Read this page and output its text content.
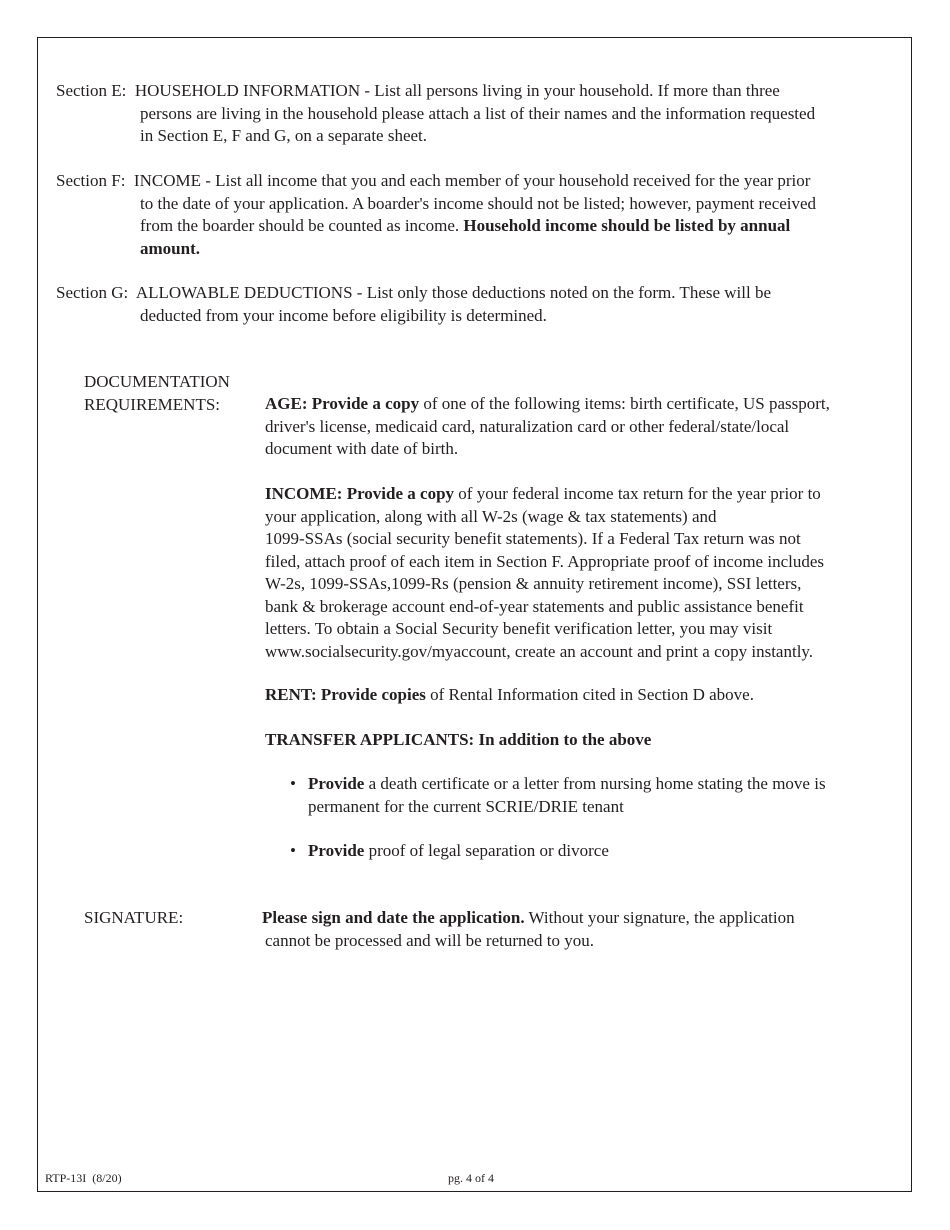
Section E: HOUSEHOLD INFORMATION - List all persons living in your household. If more than three
persons are living in the household please attach a list of their names and the information requested
in Section E, F and G, on a separate sheet.
Section F: INCOME - List all income that you and each member of your household received for the year prior
to the date of your application. A boarder's income should not be listed; however, payment received
from the boarder should be counted as income. Household income should be listed by annual
amount.
Section G: ALLOWABLE DEDUCTIONS - List only those deductions noted on the form. These will be
deducted from your income before eligibility is determined.
DOCUMENTATION
REQUIREMENTS:	AGE: Provide a copy of one of the following items: birth certificate, US passport,
driver's license, medicaid card, naturalization card or other federal/state/local
document with date of birth.
INCOME: Provide a copy of your federal income tax return for the year prior to
your application, along with all W-2s (wage & tax statements) and
1099-SSAs (social security benefit statements). If a Federal Tax return was not
filed, attach proof of each item in Section F. Appropriate proof of income includes
W-2s, 1099-SSAs,1099-Rs (pension & annuity retirement income), SSI letters,
bank & brokerage account end-of-year statements and public assistance benefit
letters. To obtain a Social Security benefit verification letter, you may visit
www.socialsecurity.gov/myaccount, create an account and print a copy instantly.
RENT: Provide copies of Rental Information cited in Section D above.
TRANSFER APPLICANTS: In addition to the above
• Provide a death certificate or a letter from nursing home stating the move is
permanent for the current SCRIE/DRIE tenant
• Provide proof of legal separation or divorce
SIGNATURE:	Please sign and date the application. Without your signature, the application
cannot be processed and will be returned to you.
RTP-13I  (8/20)	pg. 4 of 4
